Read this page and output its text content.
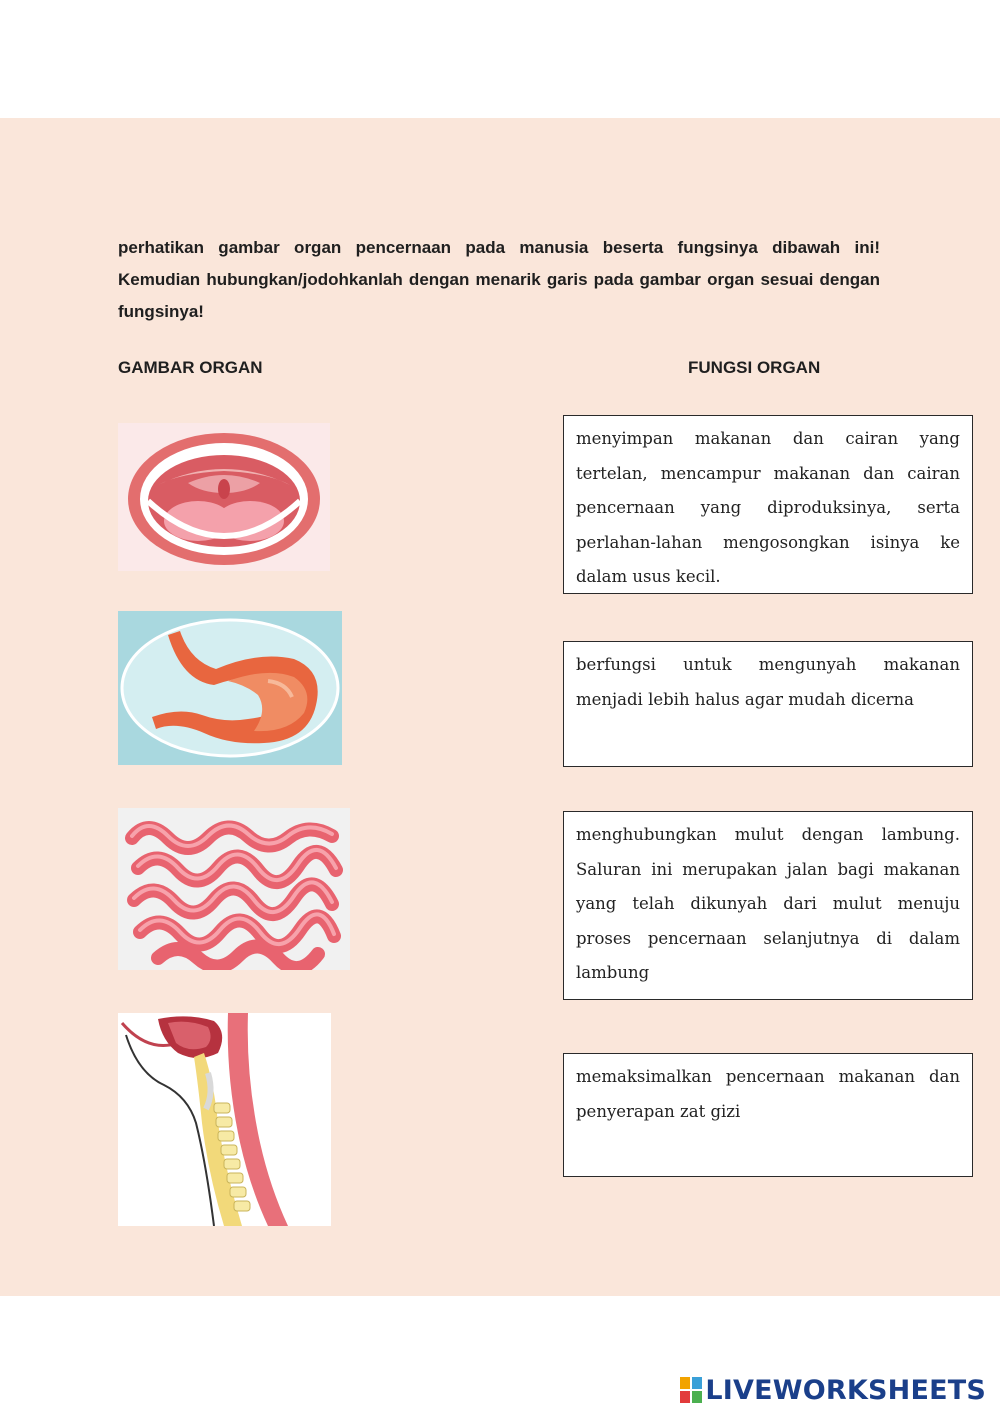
perhatikan gambar organ pencernaan pada manusia beserta fungsinya dibawah ini! Kemudian hubungkan/jodohkanlah dengan menarik garis pada gambar organ sesuai dengan fungsinya!
GAMBAR ORGAN	FUNGSI ORGAN
menyimpan makanan dan cairan yang tertelan, mencampur makanan dan cairan pencernaan yang diproduksinya, serta perlahan-lahan mengosongkan isinya ke dalam usus kecil.
berfungsi untuk mengunyah makanan menjadi lebih halus agar mudah dicerna
menghubungkan mulut dengan lambung. Saluran ini merupakan jalan bagi makanan yang telah dikunyah dari mulut menuju proses pencernaan selanjutnya di dalam lambung
memaksimalkan pencernaan makanan dan penyerapan zat gizi
LIVEWORKSHEETS
